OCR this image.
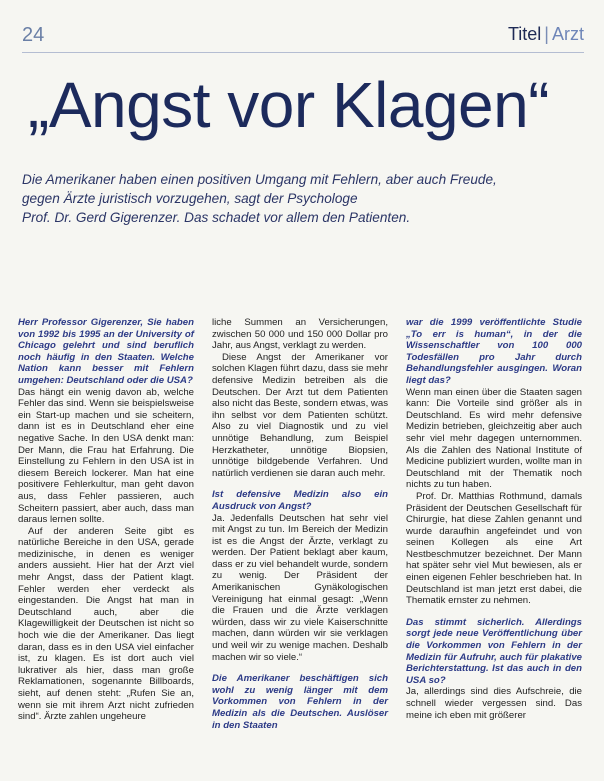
24	Titel | Arzt
„Angst vor Klagen“
Die Amerikaner haben einen positiven Umgang mit Fehlern, aber auch Freude,
gegen Ärzte juristisch vorzugehen, sagt der Psychologe
Prof. Dr. Gerd Gigerenzer. Das schadet vor allem den Patienten.

Herr Professor Gigerenzer, Sie haben von 1992 bis 1995 an der University of Chicago gelehrt und sind beruflich noch häufig in den Staaten. Welche Nation kann besser mit Fehlern umgehen: Deutschland oder die USA?

Das hängt ein wenig davon ab, welche Fehler das sind. Wenn sie beispielsweise ein Start-up machen und sie scheitern, dann ist es in Deutschland eher eine negative Sache. In den USA denkt man: Der Mann, die Frau hat Erfahrung. Die Einstellung zu Fehlern in den USA ist in diesem Bereich lockerer. Man hat eine positivere Fehlerkultur, man geht davon aus, dass Fehler passieren, auch Scheitern passiert, aber auch, dass man daraus lernen sollte.

Auf der anderen Seite gibt es natürliche Bereiche in den USA, gerade medizinische, in denen es weniger anders aussieht. Hier hat der Arzt viel mehr Angst, dass der Patient klagt. Fehler werden eher verdeckt als eingestanden. Die Angst hat man in Deutschland auch, aber die Klagewilligkeit der Deutschen ist nicht so hoch wie die der Amerikaner. Das liegt daran, dass es in den USA viel einfacher ist, zu klagen. Es ist dort auch viel lukrativer als hier, dass man große Reklamationen, sogenannte Billboards, sieht, auf denen steht: „Rufen Sie an, wenn sie mit ihrem Arzt nicht zufrieden sind“. Ärzte zahlen ungeheure

liche Summen an Versicherungen, zwischen 50 000 und 150 000 Dollar pro Jahr, aus Angst, verklagt zu werden.

Diese Angst der Amerikaner vor solchen Klagen führt dazu, dass sie mehr defensive Medizin betreiben als die Deutschen. Der Arzt tut dem Patienten also nicht das Beste, sondern etwas, was ihn selbst vor dem Patienten schützt. Also zu viel Diagnostik und zu viel unnötige Behandlung, zum Beispiel Herzkatheter, unnötige Biopsien, unnötige bildgebende Verfahren. Und natürlich verdienen sie daran auch mehr.

Ist defensive Medizin also ein Ausdruck von Angst?

Ja. Jedenfalls Deutschen hat sehr viel mit Angst zu tun. Im Bereich der Medizin ist es die Angst der Ärzte, verklagt zu werden. Der Patient beklagt aber kaum, dass er zu viel behandelt wurde, sondern zu wenig. Der Präsident der Amerikanischen Gynäkologischen Vereinigung hat einmal gesagt: „Wenn die Frauen und die Ärzte verklagen würden, dass wir zu viele Kaiserschnitte machen, dann würden wir sie verklagen und weil wir zu wenige machen. Deshalb machen wir so viele.“

Die Amerikaner beschäftigen sich wohl zu wenig länger mit dem Vorkommen von Fehlern in der Medizin als die Deutschen. Auslöser in den Staaten

war die 1999 veröffentlichte Studie „To err is human“, in der die Wissenschaftler von 100 000 Todesfällen pro Jahr durch Behandlungsfehler ausgingen. Woran liegt das?

Wenn man einen über die Staaten sagen kann: Die Vorteile sind größer als in Deutschland. Es wird mehr defensive Medizin betrieben, gleichzeitig aber auch sehr viel mehr dagegen unternommen. Als die Zahlen des National Institute of Medicine publiziert wurden, wollte man in Deutschland mit der Thematik noch nichts zu tun haben.

Prof. Dr. Matthias Rothmund, damals Präsident der Deutschen Gesellschaft für Chirurgie, hat diese Zahlen genannt und wurde daraufhin angefeindet und von seinen Kollegen als eine Art Nestbeschmutzer bezeichnet. Der Mann hat später sehr viel Mut bewiesen, als er einen eigenen Fehler beschrieben hat. In Deutschland ist man jetzt erst dabei, die Thematik ernster zu nehmen.

Das stimmt sicherlich. Allerdings sorgt jede neue Veröffentlichung über die Vorkommen von Fehlern in der Medizin für Aufruhr, auch für plakative Berichterstattung. Ist das auch in den USA so?

Ja, allerdings sind dies Aufschreie, die schnell wieder vergessen sind. Das meine ich eben mit größerer
